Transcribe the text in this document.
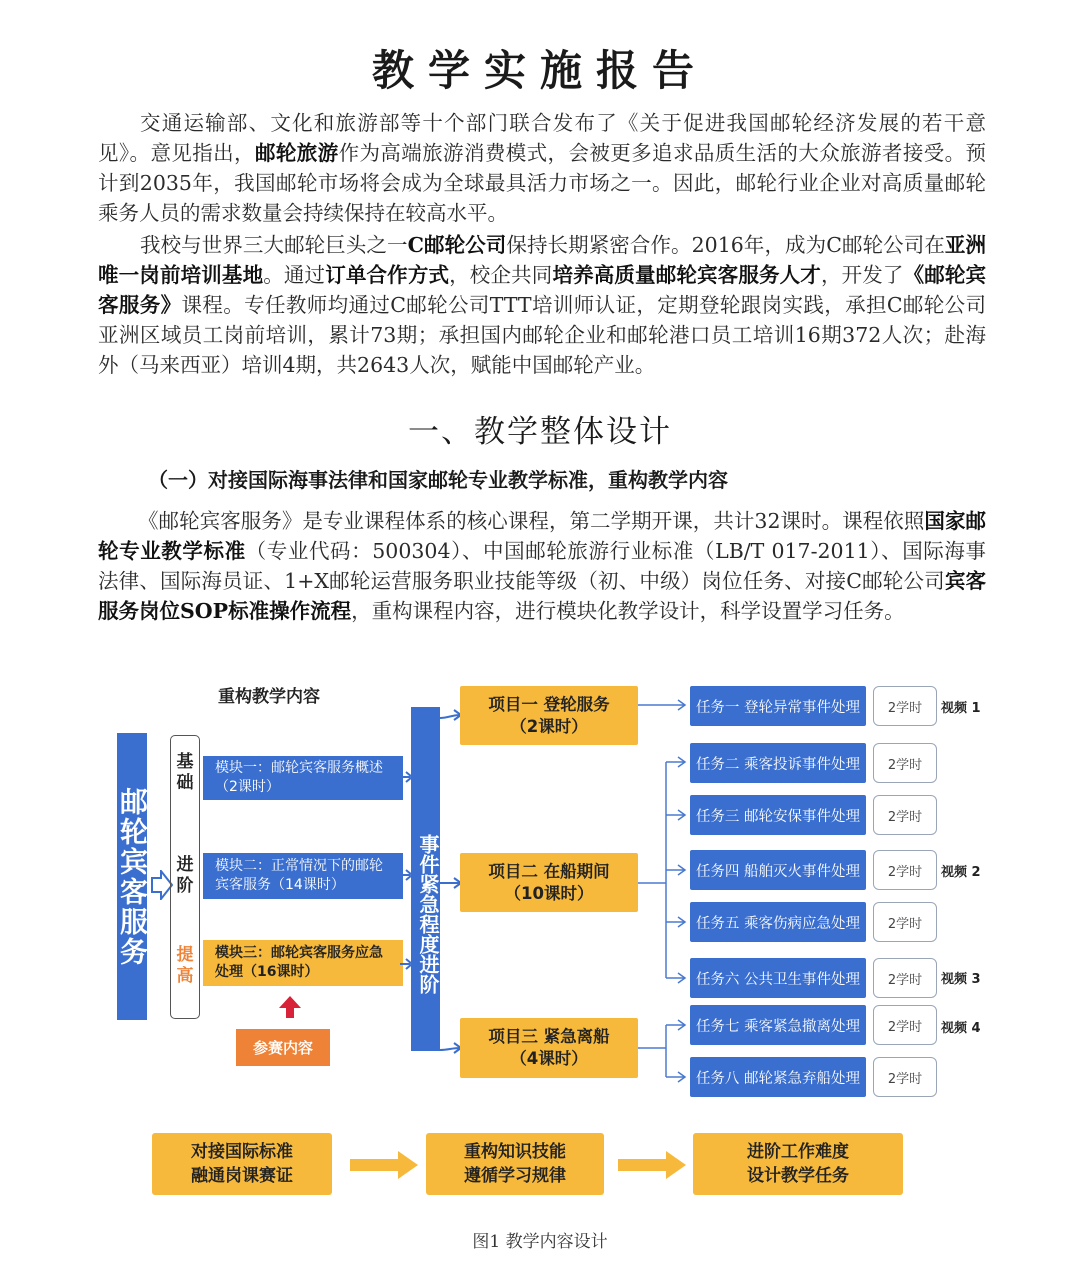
教学实施报告

交通运输部、文化和旅游部等十个部门联合发布了《关于促进我国邮轮经济发展的若干意见》。意见指出，邮轮旅游作为高端旅游消费模式，会被更多追求品质生活的大众旅游者接受。预计到2035年，我国邮轮市场将会成为全球最具活力市场之一。因此，邮轮行业企业对高质量邮轮乘务人员的需求数量会持续保持在较高水平。

我校与世界三大邮轮巨头之一C邮轮公司保持长期紧密合作。2016年，成为C邮轮公司在亚洲唯一岗前培训基地。通过订单合作方式，校企共同培养高质量邮轮宾客服务人才，开发了《邮轮宾客服务》课程。专任教师均通过C邮轮公司TTT培训师认证，定期登轮跟岗实践，承担C邮轮公司亚洲区域员工岗前培训，累计73期；承担国内邮轮企业和邮轮港口员工培训16期372人次；赴海外（马来西亚）培训4期，共2643人次，赋能中国邮轮产业。

一、教学整体设计
（一）对接国际海事法律和国家邮轮专业教学标准，重构教学内容

《邮轮宾客服务》是专业课程体系的核心课程，第二学期开课，共计32课时。课程依照国家邮轮专业教学标准（专业代码：500304）、中国邮轮旅游行业标准（LB/T 017-2011）、国际海事法律、国际海员证、1+X邮轮运营服务职业技能等级（初、中级）岗位任务、对接C邮轮公司宾客服务岗位SOP标准操作流程，重构课程内容，进行模块化教学设计，科学设置学习任务。

重构教学内容
邮轮宾客服务
基础
进阶
提高
模块一：邮轮宾客服务概述（2课时）
模块二：正常情况下的邮轮宾客服务（14课时）
模块三：邮轮宾客服务应急处理（16课时）
参赛内容
事件紧急程度进阶
项目一 登轮服务
（2课时）
项目二 在船期间
（10课时）
项目三 紧急离船
（4课时）
任务一 登轮异常事件处理
任务二 乘客投诉事件处理
任务三 邮轮安保事件处理
任务四 船舶灭火事件处理
任务五 乘客伤病应急处理
任务六 公共卫生事件处理
任务七 乘客紧急撤离处理
任务八 邮轮紧急弃船处理
2学时
2学时
2学时
2学时
2学时
2学时
2学时
2学时
视频 1
视频 2
视频 3
视频 4
对接国际标准
融通岗课赛证
重构知识技能
遵循学习规律
进阶工作难度
设计教学任务
图1 教学内容设计
